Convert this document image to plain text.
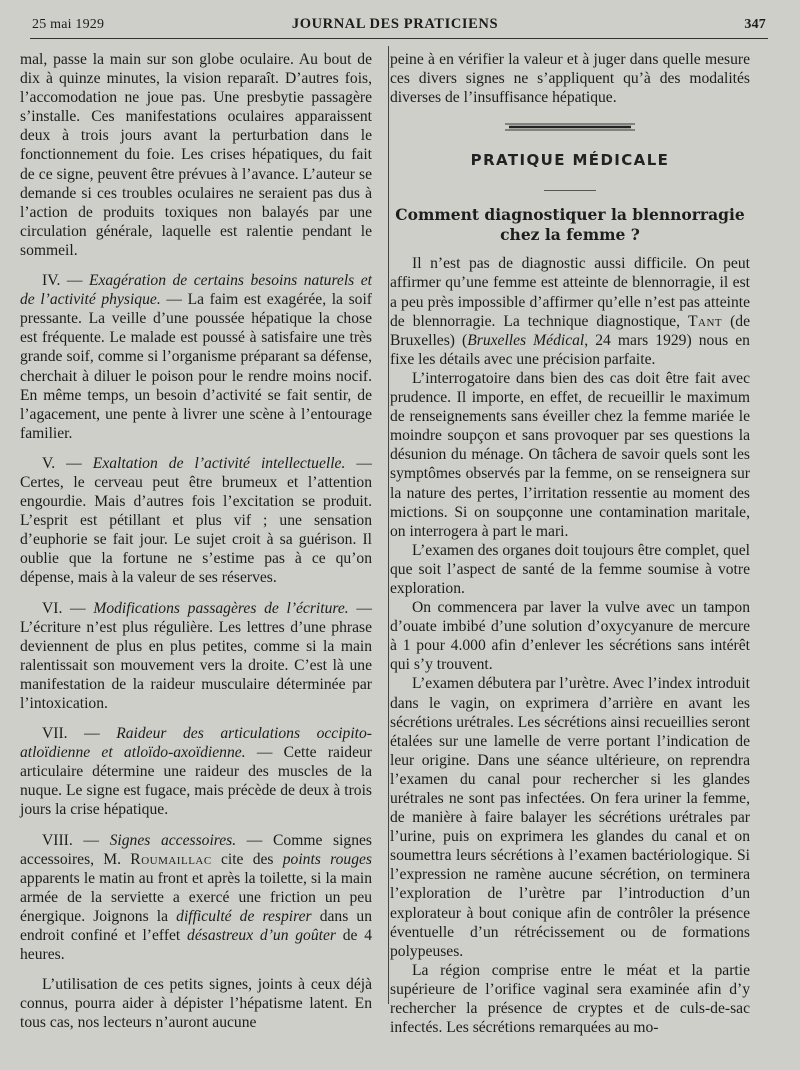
25 mai 1929	JOURNAL DES PRATICIENS	347

mal, passe la main sur son globe oculaire. Au bout de dix à quinze minutes, la vision reparaît. D’autres fois, l’accomodation ne joue pas. Une presbytie passagère s’installe. Ces manifestations oculaires apparaissent deux à trois jours avant la perturbation dans le fonctionnement du foie. Les crises hépatiques, du fait de ce signe, peuvent être prévues à l’avance. L’auteur se demande si ces troubles oculaires ne seraient pas dus à l’action de produits toxiques non balayés par une circulation générale, laquelle est ralentie pendant le sommeil.

IV. — Exagération de certains besoins naturels et de l’activité physique. — La faim est exagérée, la soif pressante. La veille d’une poussée hépatique la chose est fréquente. Le malade est poussé à satisfaire une très grande soif, comme si l’organisme préparant sa défense, cherchait à diluer le poison pour le rendre moins nocif. En même temps, un besoin d’activité se fait sentir, de l’agacement, une pente à livrer une scène à l’entourage familier.

V. — Exaltation de l’activité intellectuelle. — Certes, le cerveau peut être brumeux et l’attention engourdie. Mais d’autres fois l’excitation se produit. L’esprit est pétillant et plus vif ; une sensation d’euphorie se fait jour. Le sujet croit à sa guérison. Il oublie que la fortune ne s’estime pas à ce qu’on dépense, mais à la valeur de ses réserves.

VI. — Modifications passagères de l’écriture. — L’écriture n’est plus régulière. Les lettres d’une phrase deviennent de plus en plus petites, comme si la main ralentissait son mouvement vers la droite. C’est là une manifestation de la raideur musculaire déterminée par l’intoxication.

VII. — Raideur des articulations occipito-atloïdienne et atloïdo-axoïdienne. — Cette raideur articulaire détermine une raideur des muscles de la nuque. Le signe est fugace, mais précède de deux à trois jours la crise hépatique.

VIII. — Signes accessoires. — Comme signes accessoires, M. Roumaillac cite des points rouges apparents le matin au front et après la toilette, si la main armée de la serviette a exercé une friction un peu énergique. Joignons la difficulté de respirer dans un endroit confiné et l’effet désastreux d’un goûter de 4 heures.

L’utilisation de ces petits signes, joints à ceux déjà connus, pourra aider à dépister l’hépatisme latent. En tous cas, nos lecteurs n’auront aucune

peine à en vérifier la valeur et à juger dans quelle mesure ces divers signes ne s’appliquent qu’à des modalités diverses de l’insuffisance hépatique.

PRATIQUE MÉDICALE
Comment diagnostiquer la blennorragie
chez la femme ?

Il n’est pas de diagnostic aussi difficile. On peut affirmer qu’une femme est atteinte de blennorragie, il est a peu près impossible d’affirmer qu’elle n’est pas atteinte de blennorragie. La technique diagnostique, Tant (de Bruxelles) (Bruxelles Médical, 24 mars 1929) nous en fixe les détails avec une précision parfaite.

L’interrogatoire dans bien des cas doit être fait avec prudence. Il importe, en effet, de recueillir le maximum de renseignements sans éveiller chez la femme mariée le moindre soupçon et sans provoquer par ses questions la désunion du ménage. On tâchera de savoir quels sont les symptômes observés par la femme, on se renseignera sur la nature des pertes, l’irritation ressentie au moment des mictions. Si on soupçonne une contamination maritale, on interrogera à part le mari.

L’examen des organes doit toujours être complet, quel que soit l’aspect de santé de la femme soumise à votre exploration.

On commencera par laver la vulve avec un tampon d’ouate imbibé d’une solution d’oxycyanure de mercure à 1 pour 4.000 afin d’enlever les sécrétions sans intérêt qui s’y trouvent.

L’examen débutera par l’urètre. Avec l’index introduit dans le vagin, on exprimera d’arrière en avant les sécrétions urétrales. Les sécrétions ainsi recueillies seront étalées sur une lamelle de verre portant l’indication de leur origine. Dans une séance ultérieure, on reprendra l’examen du canal pour rechercher si les glandes urétrales ne sont pas infectées. On fera uriner la femme, de manière à faire balayer les sécrétions urétrales par l’urine, puis on exprimera les glandes du canal et on soumettra leurs sécrétions à l’examen bactériologique. Si l’expression ne ramène aucune sécrétion, on terminera l’exploration de l’urètre par l’introduction d’un explorateur à bout conique afin de contrôler la présence éventuelle d’un rétrécissement ou de formations polypeuses.

La région comprise entre le méat et la partie supérieure de l’orifice vaginal sera examinée afin d’y rechercher la présence de cryptes et de culs-de-sac infectés. Les sécrétions remarquées au mo-
